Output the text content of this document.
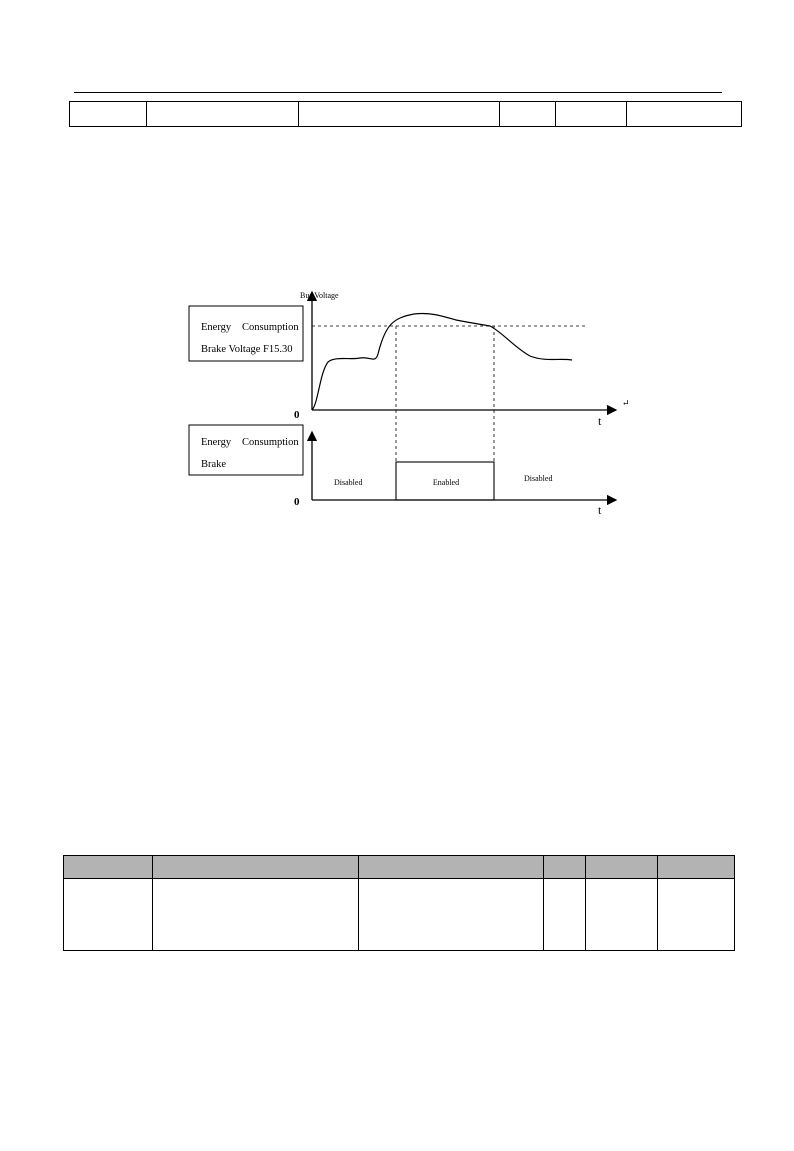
Bus Voltage
t
0
↵
Energy Consumption
Brake Voltage F15.30
t
0
Disabled	Enabled	Disabled
Energy Consumption
Brake
